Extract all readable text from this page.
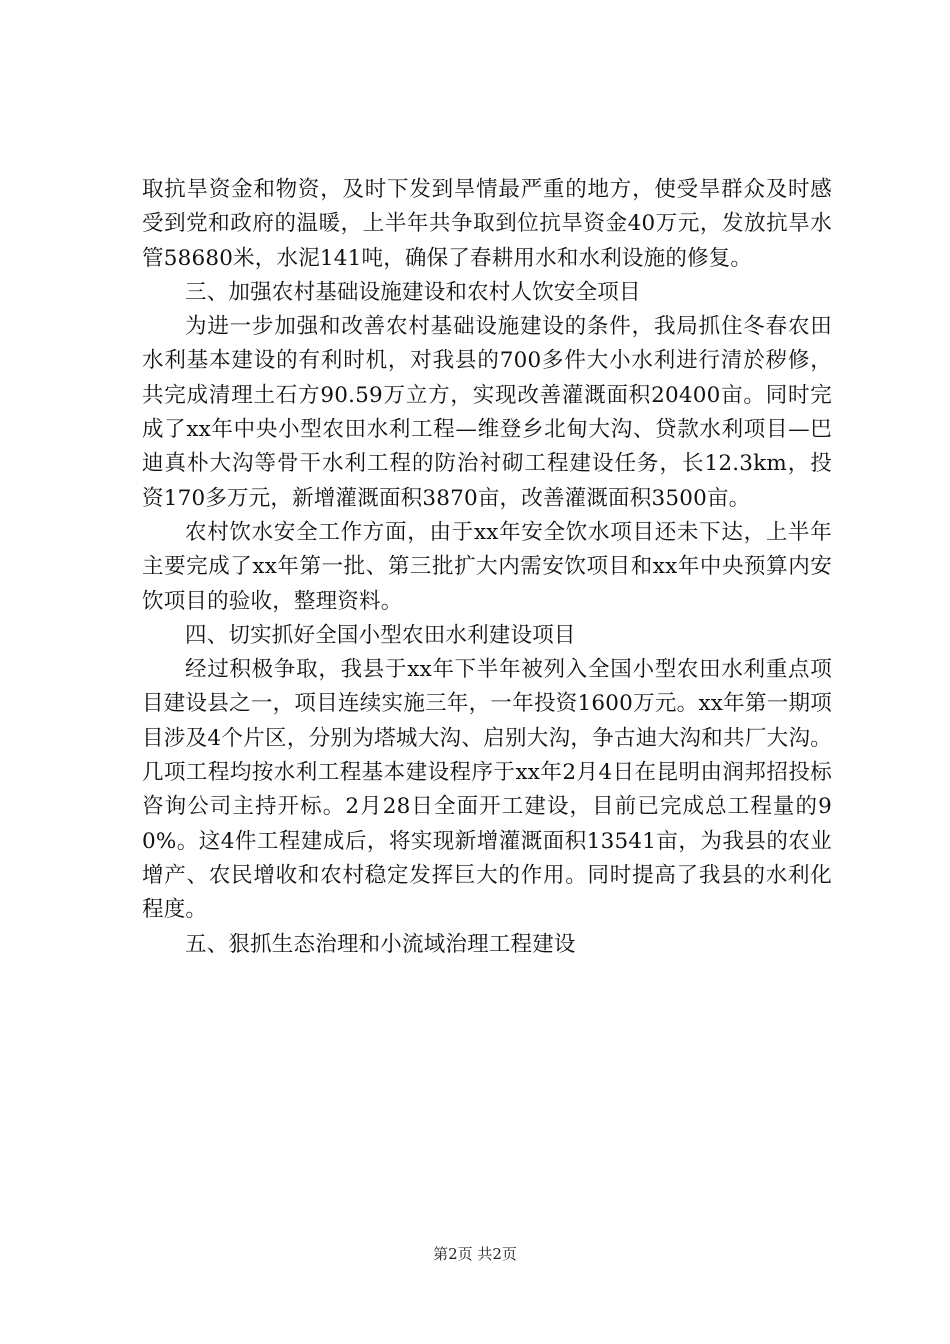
取抗旱资金和物资，及时下发到旱情最严重的地方，使受旱群众及时感受到党和政府的温暖，上半年共争取到位抗旱资金40万元，发放抗旱水管58680米，水泥141吨，确保了春耕用水和水利设施的修复。

三、加强农村基础设施建设和农村人饮安全项目

为进一步加强和改善农村基础设施建设的条件，我局抓住冬春农田水利基本建设的有利时机，对我县的700多件大小水利进行清於秽修，共完成清理土石方90.59万立方，实现改善灌溉面积20400亩。同时完成了xx年中央小型农田水利工程—维登乡北甸大沟、贷款水利项目—巴迪真朴大沟等骨干水利工程的防治衬砌工程建设任务，长12.3km，投资170多万元，新增灌溉面积3870亩，改善灌溉面积3500亩。

农村饮水安全工作方面，由于xx年安全饮水项目还未下达，上半年主要完成了xx年第一批、第三批扩大内需安饮项目和xx年中央预算内安饮项目的验收，整理资料。

四、切实抓好全国小型农田水利建设项目

经过积极争取，我县于xx年下半年被列入全国小型农田水利重点项目建设县之一，项目连续实施三年，一年投资1600万元。xx年第一期项目涉及4个片区，分别为塔城大沟、启别大沟，争古迪大沟和共厂大沟。几项工程均按水利工程基本建设程序于xx年2月4日在昆明由润邦招投标咨询公司主持开标。2月28日全面开工建设，目前已完成总工程量的90%。这4件工程建成后，将实现新增灌溉面积13541亩，为我县的农业增产、农民增收和农村稳定发挥巨大的作用。同时提高了我县的水利化程度。

五、狠抓生态治理和小流域治理工程建设

第2页 共2页
